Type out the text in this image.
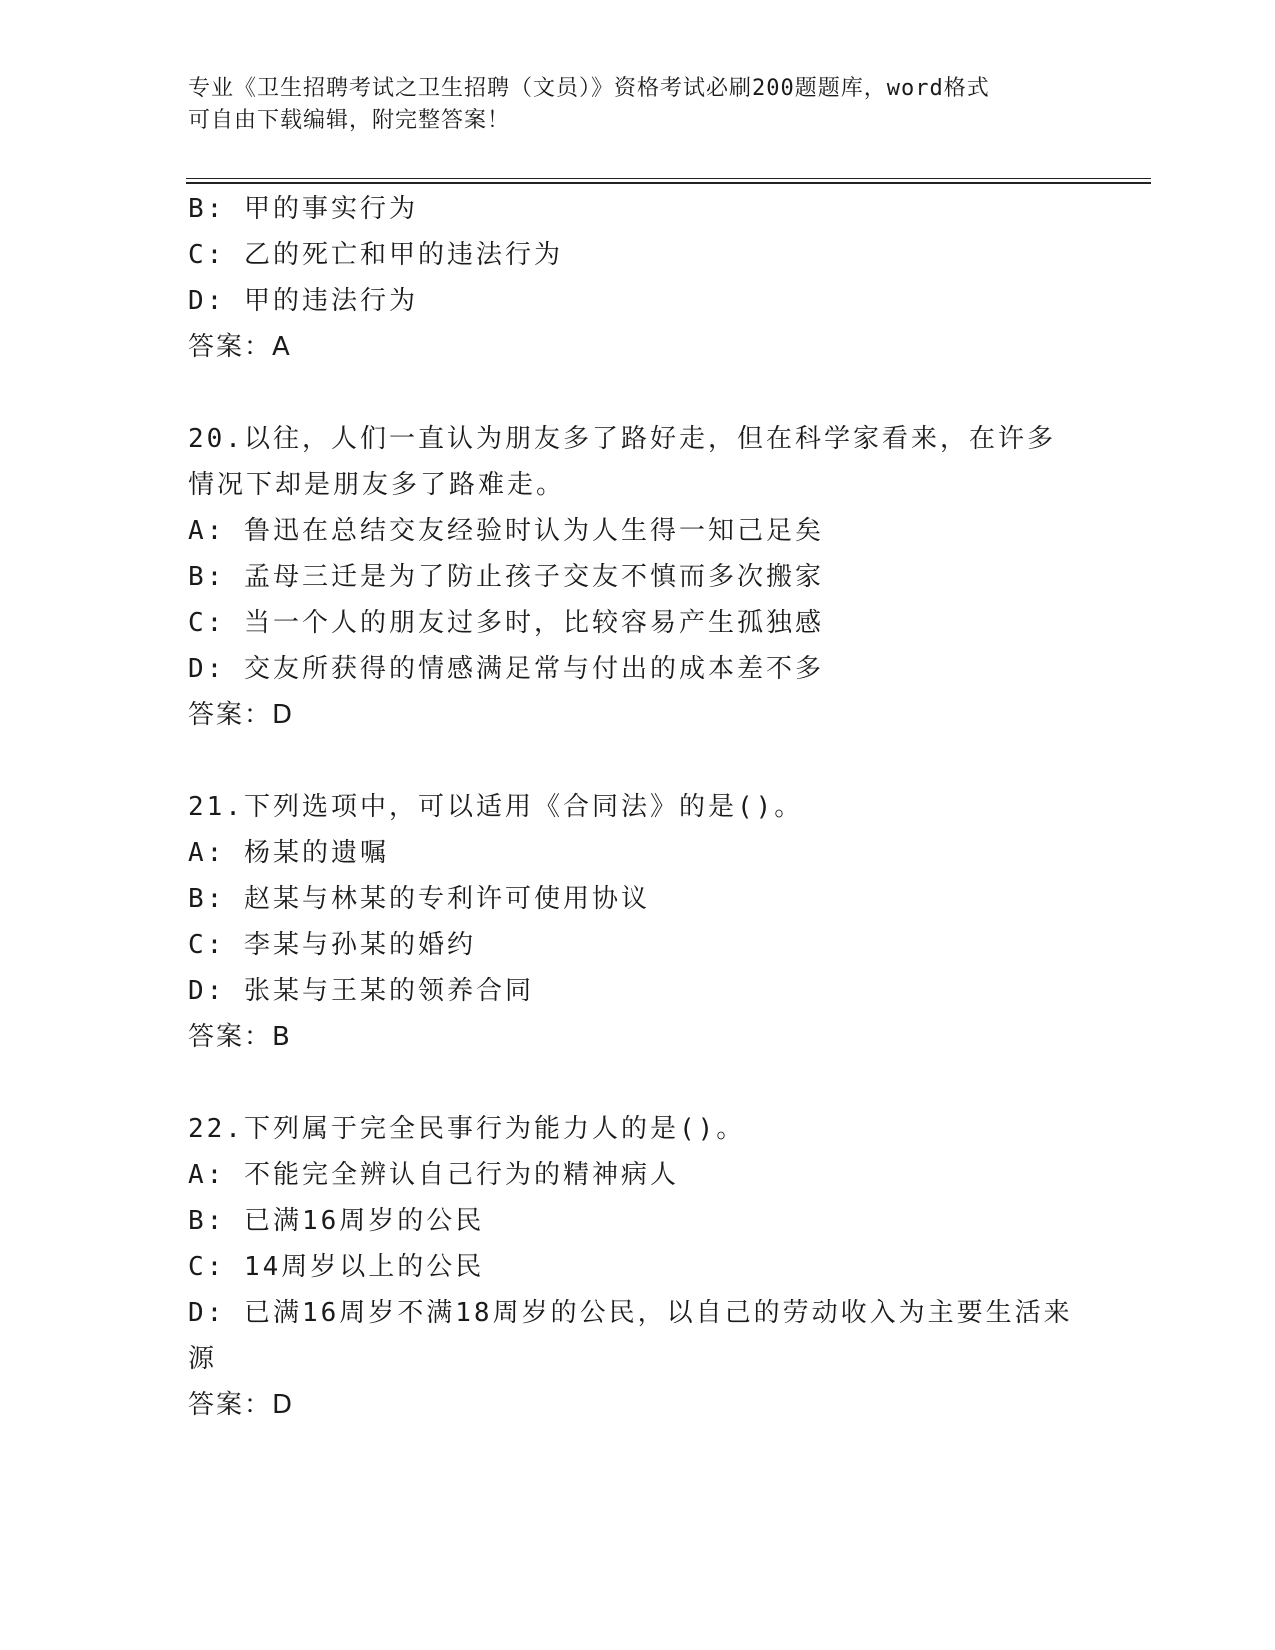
专业《卫生招聘考试之卫生招聘（文员）》资格考试必刷200题题库，word格式
可自由下载编辑，附完整答案！
B: 甲的事实行为
C: 乙的死亡和甲的违法行为
D: 甲的违法行为
答案：A
20.以往，人们一直认为朋友多了路好走，但在科学家看来，在许多情况下却是朋友多了路难走。
A: 鲁迅在总结交友经验时认为人生得一知己足矣
B: 孟母三迁是为了防止孩子交友不慎而多次搬家
C: 当一个人的朋友过多时，比较容易产生孤独感
D: 交友所获得的情感满足常与付出的成本差不多
答案：D
21.下列选项中，可以适用《合同法》的是()。
A: 杨某的遗嘱
B: 赵某与林某的专利许可使用协议
C: 李某与孙某的婚约
D: 张某与王某的领养合同
答案：B
22.下列属于完全民事行为能力人的是()。
A: 不能完全辨认自己行为的精神病人
B: 已满16周岁的公民
C: 14周岁以上的公民
D: 已满16周岁不满18周岁的公民，以自己的劳动收入为主要生活来源
答案：D
